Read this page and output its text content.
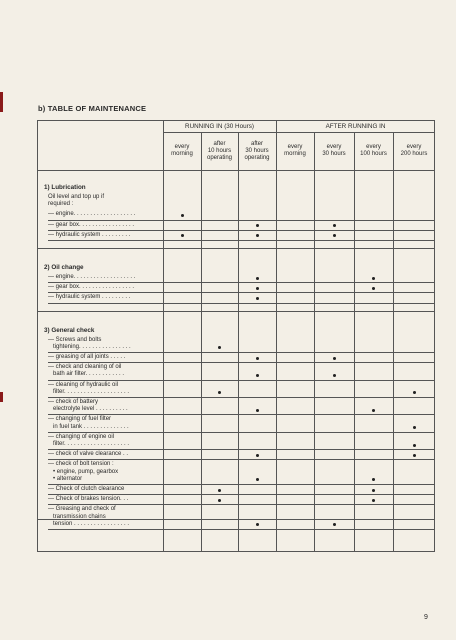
b) TABLE OF MAINTENANCE
RUNNING IN (30 Hours)	AFTER RUNNING IN
every
morning
after
10 hours
operating
after
30 hours
operating
every
morning
every
30 hours
every
100 hours
every
200 hours
1) Lubrication
Oil level and top up if
required :
— engine. . . . . . . . . . . . . . . . . . .
— gear box. . . . . . . . . . . . . . . . .
— hydraulic system . . . . . . . . .
2) Oil change
— engine. . . . . . . . . . . . . . . . . . .
— gear box. . . . . . . . . . . . . . . . .
— hydraulic system . . . . . . . . .
3) General check
— Screws and bolts
tightening. . . . . . . . . . . . . . . .
— greasing of all joints . . . . .
— check and cleaning of oil
bath air filter. . . . . . . . . . . .
— cleaning of hydraulic oil
filter. . . . . . . . . . . . . . . . . . . .
— check of battery
electrolyte level . . . . . . . . . .
— changing of fuel filter
in fuel tank . . . . . . . . . . . . . .
— changing of engine oil
filter. . . . . . . . . . . . . . . . . . . .
— check of valve clearance . .
— check of bolt tension :
• engine, pump, gearbox
• alternator
— Check of clutch clearance
— Check of brakes tension. . .
— Greasing and check of
transmission chains
tension . . . . . . . . . . . . . . . . .
9
